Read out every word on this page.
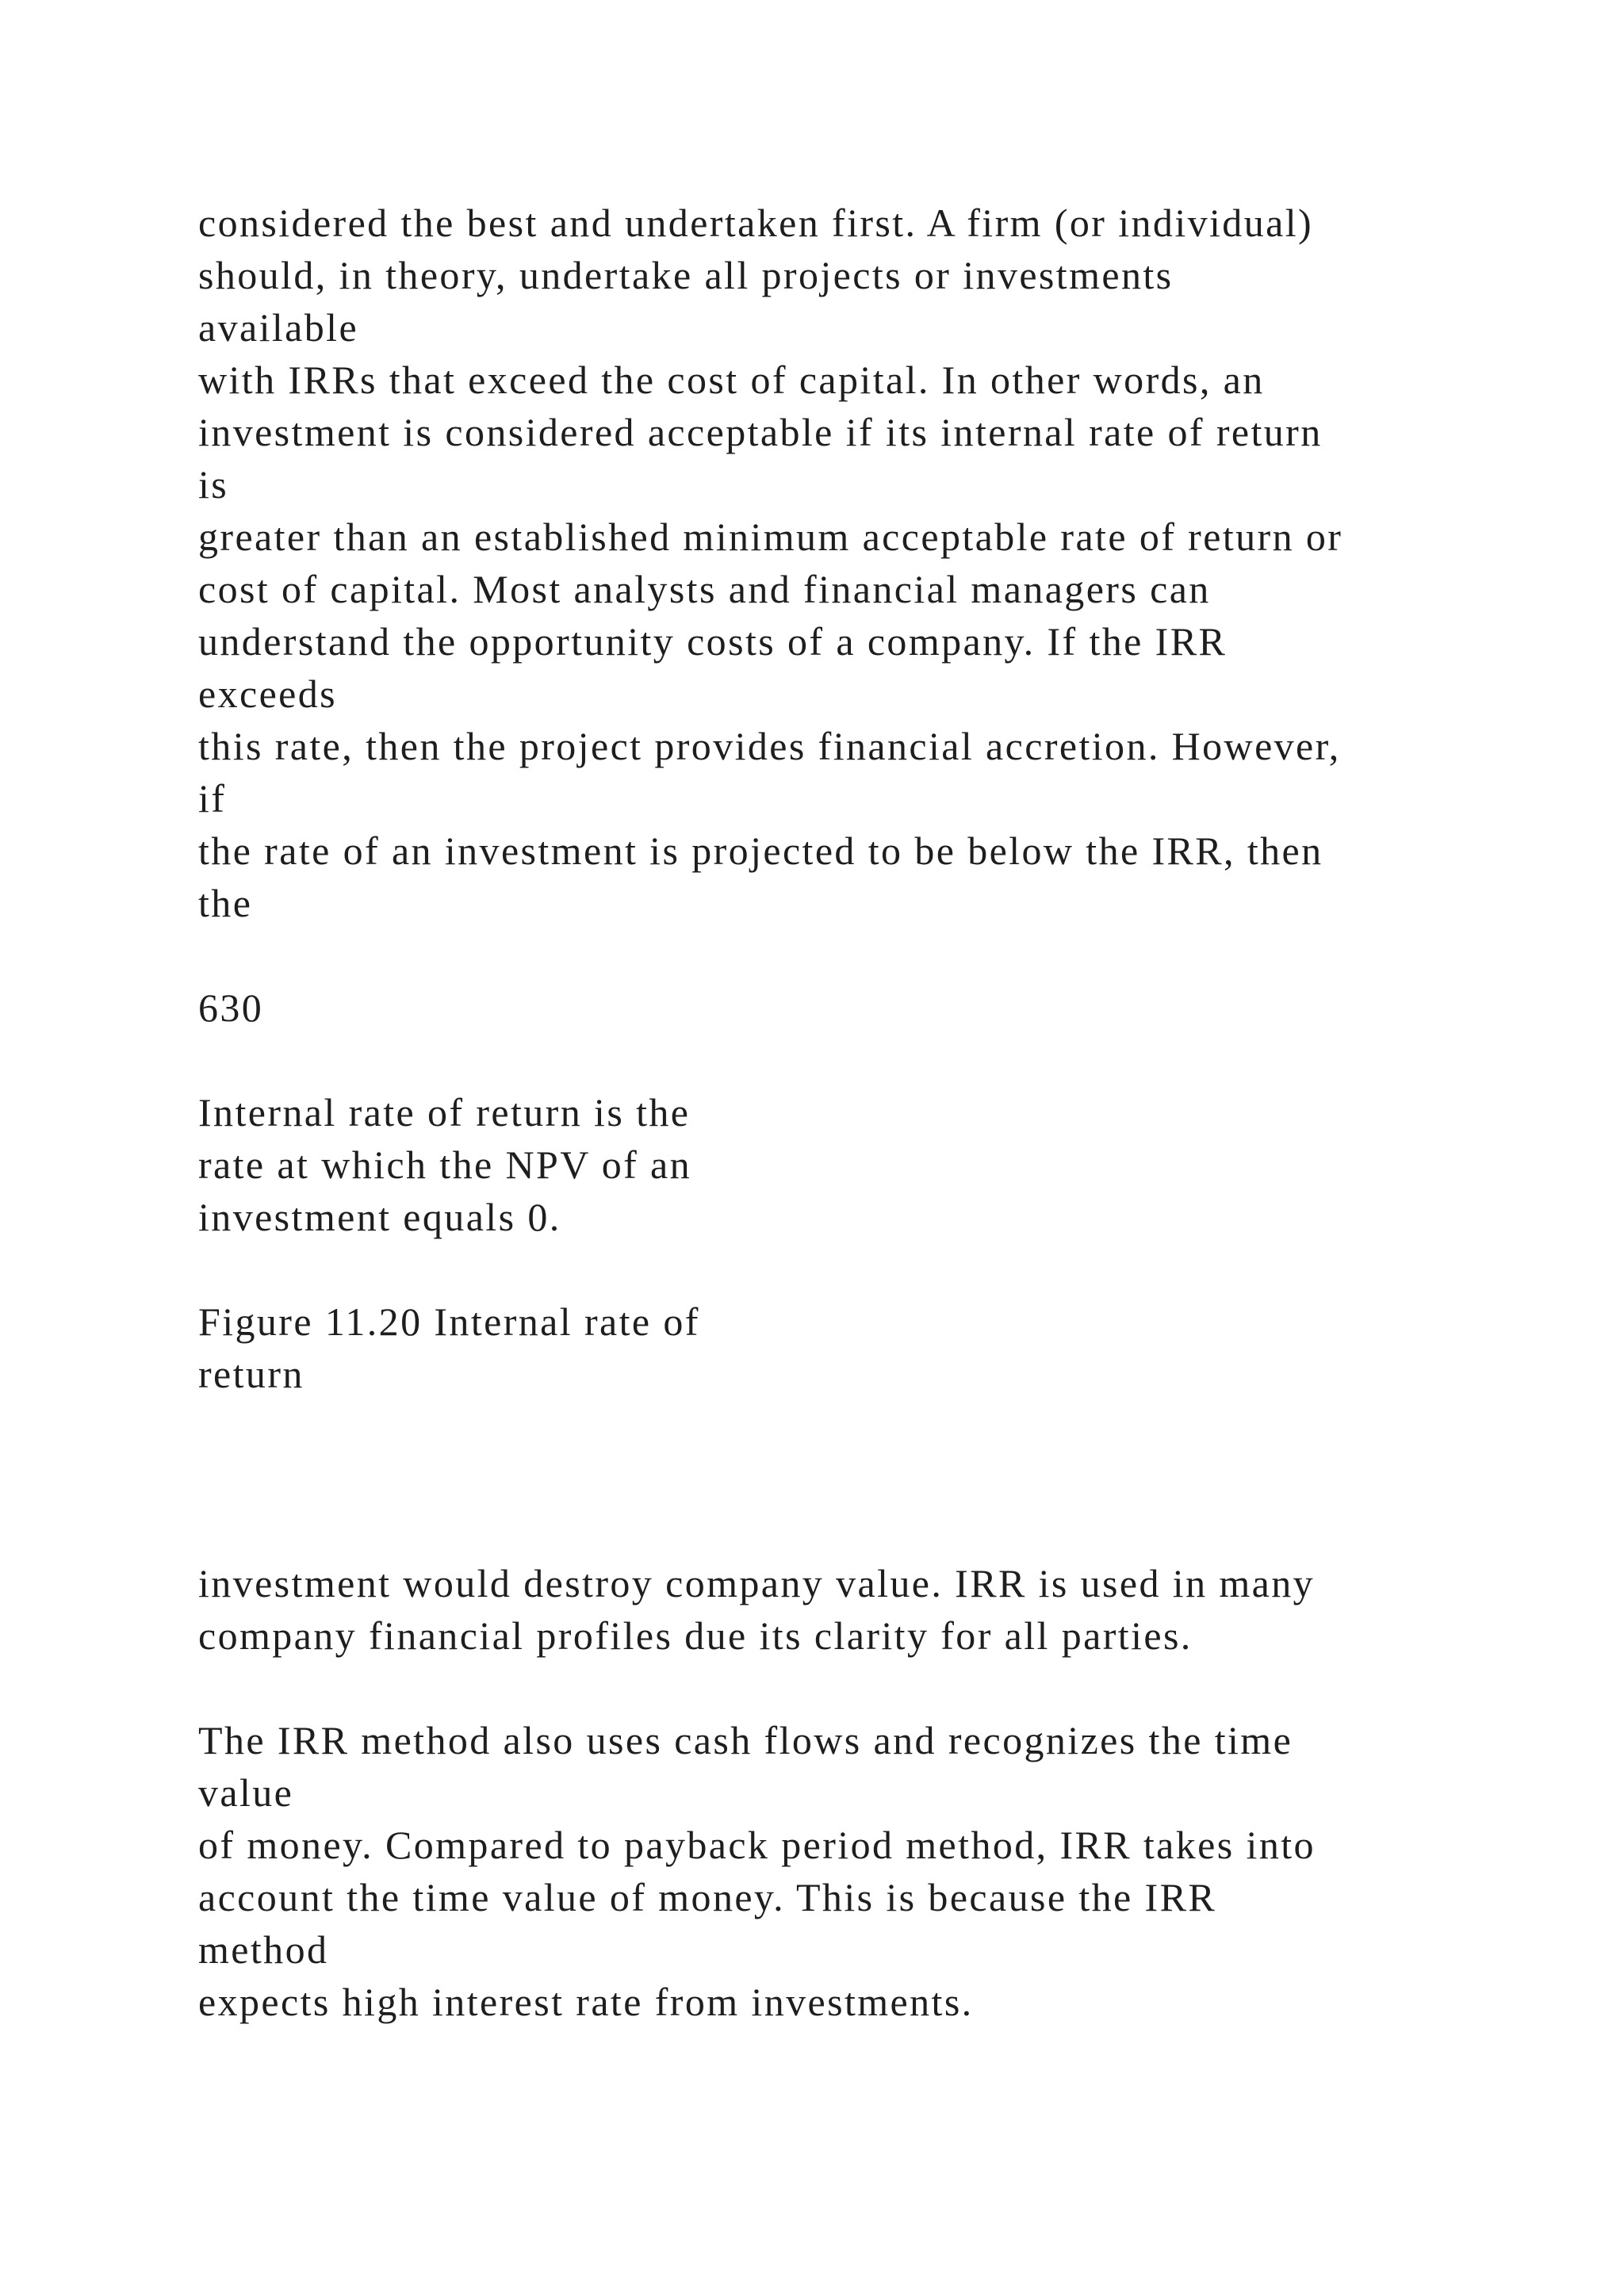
considered the best and undertaken first. A firm (or individual)

should, in theory, undertake all projects or investments

available

with IRRs that exceed the cost of capital. In other words, an

investment is considered acceptable if its internal rate of return

is

greater than an established minimum acceptable rate of return or

cost of capital. Most analysts and financial managers can

understand the opportunity costs of a company. If the IRR

exceeds

this rate, then the project provides financial accretion. However,

if

the rate of an investment is projected to be below the IRR, then

the

630

Internal rate of return is the

rate at which the NPV of an

investment equals 0.

Figure 11.20 Internal rate of

return

investment would destroy company value. IRR is used in many

company financial profiles due its clarity for all parties.

The IRR method also uses cash flows and recognizes the time

value

of money. Compared to payback period method, IRR takes into

account the time value of money. This is because the IRR

method

expects high interest rate from investments.
